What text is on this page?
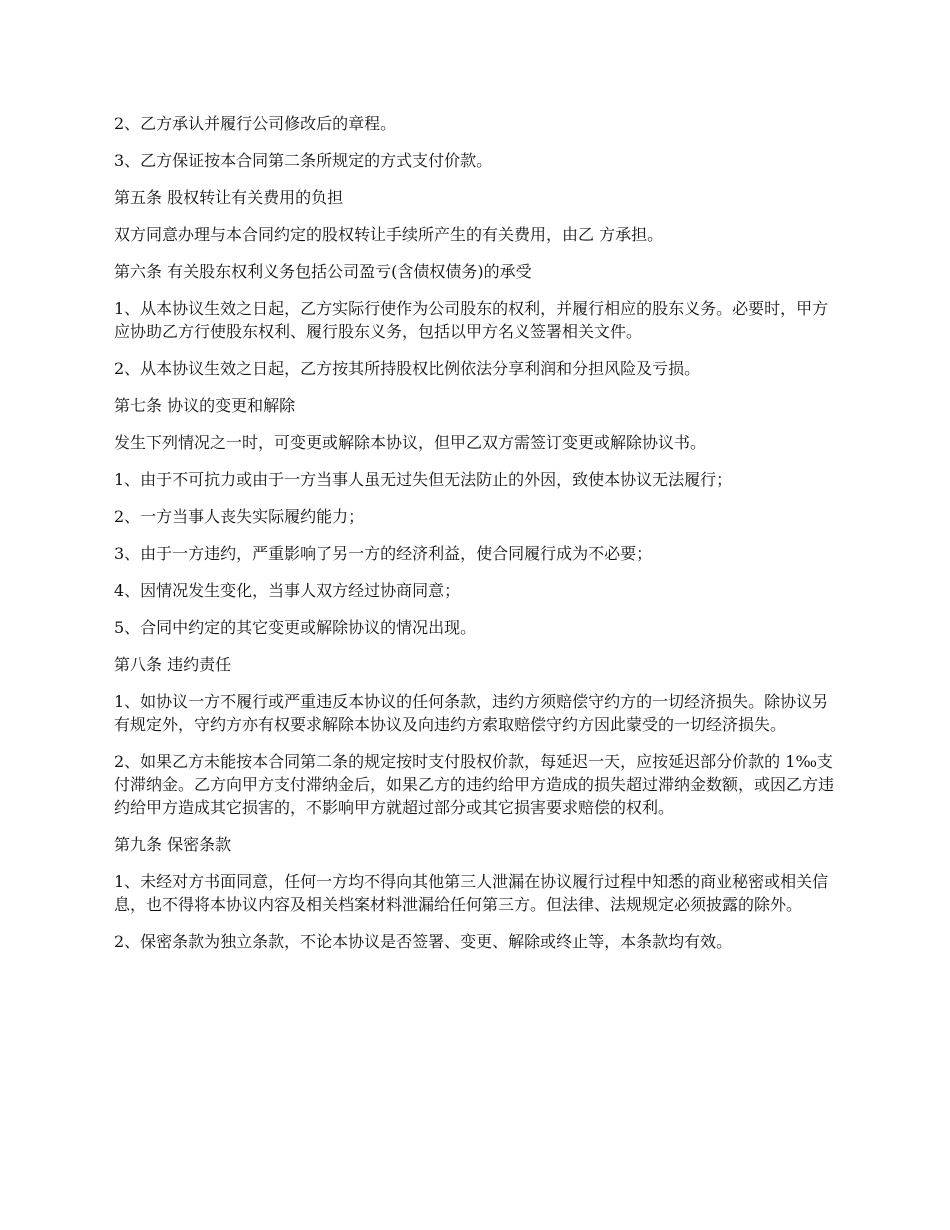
2、乙方承认并履行公司修改后的章程。

3、乙方保证按本合同第二条所规定的方式支付价款。

第五条 股权转让有关费用的负担

双方同意办理与本合同约定的股权转让手续所产生的有关费用，由乙 方承担。

第六条 有关股东权利义务包括公司盈亏(含债权债务)的承受

1、从本协议生效之日起，乙方实际行使作为公司股东的权利，并履行相应的股东义务。必要时，甲方应协助乙方行使股东权利、履行股东义务，包括以甲方名义签署相关文件。

2、从本协议生效之日起，乙方按其所持股权比例依法分享利润和分担风险及亏损。

第七条 协议的变更和解除

发生下列情况之一时，可变更或解除本协议，但甲乙双方需签订变更或解除协议书。

1、由于不可抗力或由于一方当事人虽无过失但无法防止的外因，致使本协议无法履行；

2、一方当事人丧失实际履约能力；

3、由于一方违约，严重影响了另一方的经济利益，使合同履行成为不必要；

4、因情况发生变化，当事人双方经过协商同意；

5、合同中约定的其它变更或解除协议的情况出现。

第八条 违约责任

1、如协议一方不履行或严重违反本协议的任何条款，违约方须赔偿守约方的一切经济损失。除协议另有规定外，守约方亦有权要求解除本协议及向违约方索取赔偿守约方因此蒙受的一切经济损失。

2、如果乙方未能按本合同第二条的规定按时支付股权价款，每延迟一天，应按延迟部分价款的 1‰支付滞纳金。乙方向甲方支付滞纳金后，如果乙方的违约给甲方造成的损失超过滞纳金数额，或因乙方违约给甲方造成其它损害的，不影响甲方就超过部分或其它损害要求赔偿的权利。

第九条 保密条款

1、未经对方书面同意，任何一方均不得向其他第三人泄漏在协议履行过程中知悉的商业秘密或相关信息，也不得将本协议内容及相关档案材料泄漏给任何第三方。但法律、法规规定必须披露的除外。

2、保密条款为独立条款，不论本协议是否签署、变更、解除或终止等，本条款均有效。
